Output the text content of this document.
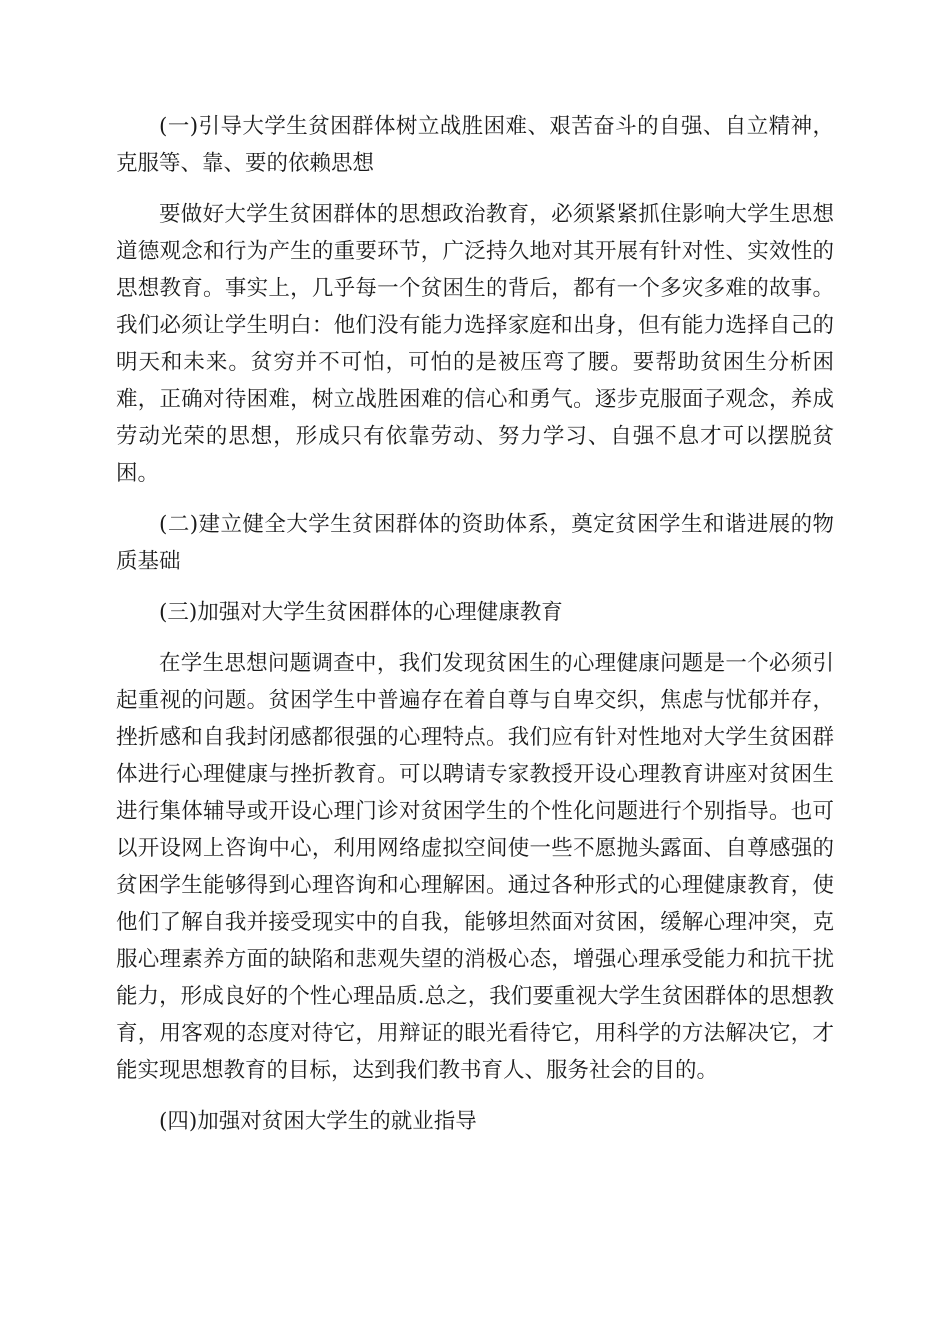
(一)引导大学生贫困群体树立战胜困难、艰苦奋斗的自强、自立精神，克服等、靠、要的依赖思想

要做好大学生贫困群体的思想政治教育，必须紧紧抓住影响大学生思想道德观念和行为产生的重要环节，广泛持久地对其开展有针对性、实效性的思想教育。事实上，几乎每一个贫困生的背后，都有一个多灾多难的故事。我们必须让学生明白：他们没有能力选择家庭和出身，但有能力选择自己的明天和未来。贫穷并不可怕，可怕的是被压弯了腰。要帮助贫困生分析困难，正确对待困难，树立战胜困难的信心和勇气。逐步克服面子观念，养成劳动光荣的思想，形成只有依靠劳动、努力学习、自强不息才可以摆脱贫困。

(二)建立健全大学生贫困群体的资助体系，奠定贫困学生和谐进展的物质基础

(三)加强对大学生贫困群体的心理健康教育

在学生思想问题调查中，我们发现贫困生的心理健康问题是一个必须引起重视的问题。贫困学生中普遍存在着自尊与自卑交织，焦虑与忧郁并存，挫折感和自我封闭感都很强的心理特点。我们应有针对性地对大学生贫困群体进行心理健康与挫折教育。可以聘请专家教授开设心理教育讲座对贫困生进行集体辅导或开设心理门诊对贫困学生的个性化问题进行个别指导。也可以开设网上咨询中心，利用网络虚拟空间使一些不愿抛头露面、自尊感强的贫困学生能够得到心理咨询和心理解困。通过各种形式的心理健康教育，使他们了解自我并接受现实中的自我，能够坦然面对贫困，缓解心理冲突，克服心理素养方面的缺陷和悲观失望的消极心态，增强心理承受能力和抗干扰能力，形成良好的个性心理品质.总之，我们要重视大学生贫困群体的思想教育，用客观的态度对待它，用辩证的眼光看待它，用科学的方法解决它，才能实现思想教育的目标，达到我们教书育人、服务社会的目的。

(四)加强对贫困大学生的就业指导
